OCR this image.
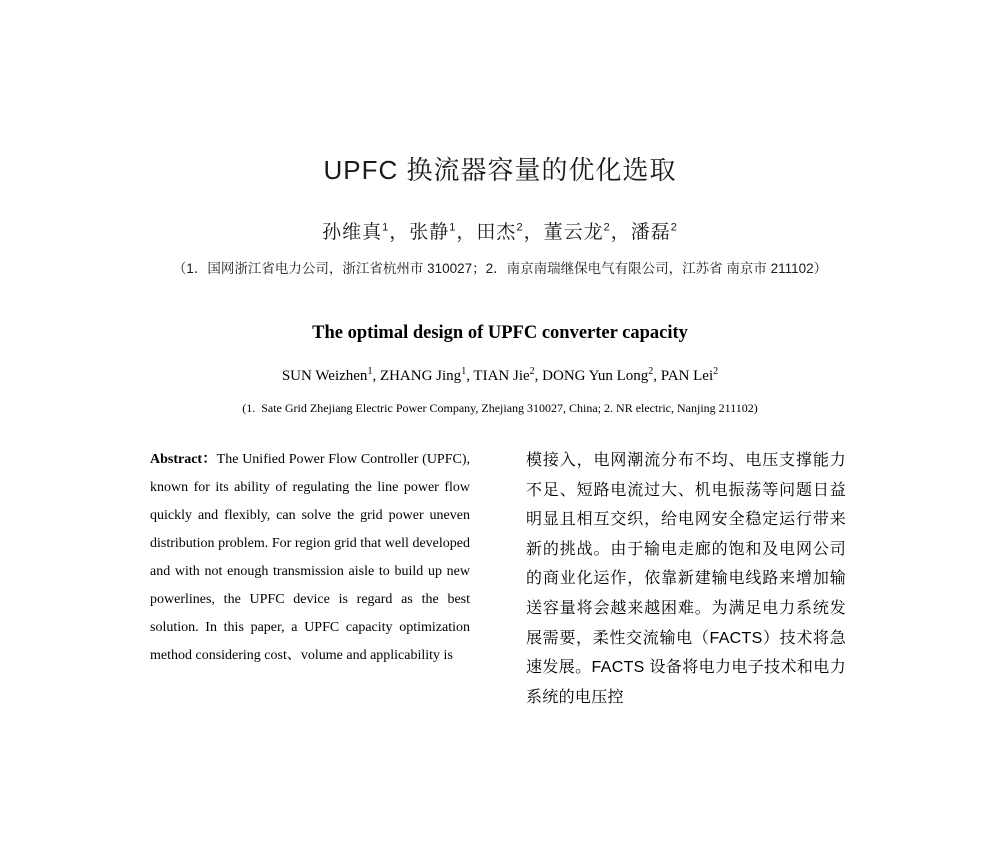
UPFC 换流器容量的优化选取
孙维真$^1$，张静$^1$，田杰$^2$，董云龙$^2$，潘磊$^2$
（1．国网浙江省电力公司，浙江省杭州市 310027；2．南京南瑞继保电气有限公司，江苏省 南京市 211102）
The optimal design of UPFC converter capacity
SUN Weizhen$^1$, ZHANG Jing$^1$, TIAN Jie$^2$, DONG Yun Long$^2$, PAN Lei$^2$
(1. Sate Grid Zhejiang Electric Power Company, Zhejiang 310027, China; 2. NR electric, Nanjing 211102)

Abstract：The Unified Power Flow Controller (UPFC), known for its ability of regulating the line power flow quickly and flexibly, can solve the grid power uneven distribution problem. For region grid that well developed and with not enough transmission aisle to build up new powerlines, the UPFC device is regard as the best solution. In this paper, a UPFC capacity optimization method considering cost、volume and applicability is

模接入，电网潮流分布不均、电压支撑能力不足、短路电流过大、机电振荡等问题日益明显且相互交织，给电网安全稳定运行带来新的挑战。由于输电走廊的饱和及电网公司的商业化运作，依靠新建输电线路来增加输送容量将会越来越困难。为满足电力系统发展需要，柔性交流输电（FACTS）技术将急速发展。FACTS 设备将电力电子技术和电力系统的电压控
